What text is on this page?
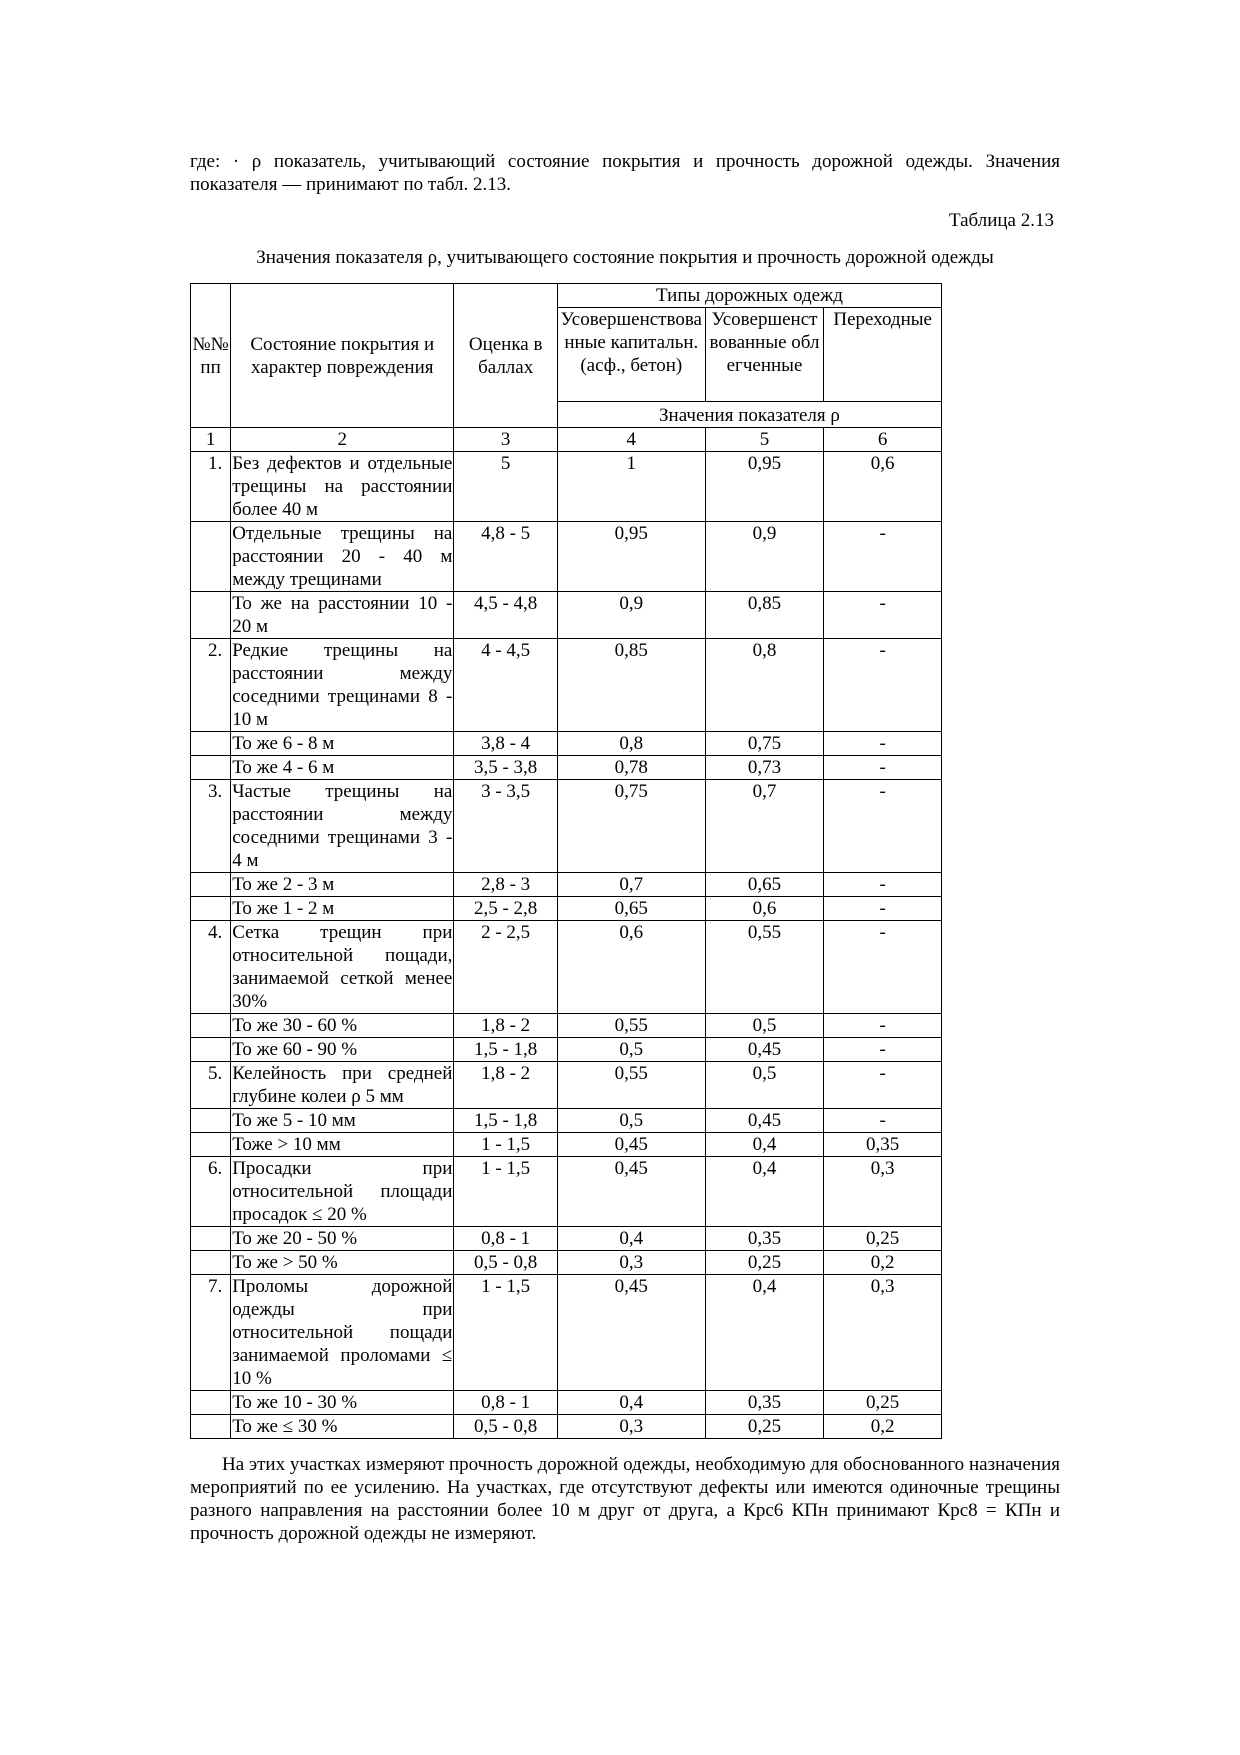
где: · ρ показатель, учитывающий состояние покрытия и прочность дорожной одежды. Значения показателя — принимают по табл. 2.13.

Таблица 2.13
Значения показателя ρ, учитывающего состояние покрытия и прочность дорожной одежды
№№ пп	Состояние покрытия и характер повреждения	Оценка в баллах	Типы дорожных одежд		
			Усовершенствованные капитальн. (асф., бетон)	Усовершенствованные облегченные	Переходные
			Значения показателя ρ		
1	2	3	4	5	6
1.	Без дефектов и отдельные трещины на расстоянии более 40 м	5	1	0,95	0,6
	Отдельные трещины на расстоянии 20 - 40 м между трещинами	4,8 - 5	0,95	0,9	-
	То же на расстоянии 10 - 20 м	4,5 - 4,8	0,9	0,85	-
2.	Редкие трещины на расстоянии между соседними трещинами 8 - 10 м	4 - 4,5	0,85	0,8	-
	То же 6 - 8 м	3,8 - 4	0,8	0,75	-
	То же 4 - 6 м	3,5 - 3,8	0,78	0,73	-
3.	Частые трещины на расстоянии между соседними трещинами 3 - 4 м	3 - 3,5	0,75	0,7	-
	То же 2 - 3 м	2,8 - 3	0,7	0,65	-
	То же 1 - 2 м	2,5 - 2,8	0,65	0,6	-
4.	Сетка трещин при относительной пощади, занимаемой сеткой менее 30%	2 - 2,5	0,6	0,55	-
	То же 30 - 60 %	1,8 - 2	0,55	0,5	-
	То же 60 - 90 %	1,5 - 1,8	0,5	0,45	-
5.	Келейность при средней глубине колеи ρ 5 мм	1,8 - 2	0,55	0,5	-
	То же 5 - 10 мм	1,5 - 1,8	0,5	0,45	-
	Тоже > 10 мм	1 - 1,5	0,45	0,4	0,35
6.	Просадки при относительной площади просадок ≤ 20 %	1 - 1,5	0,45	0,4	0,3
	То же 20 - 50 %	0,8 - 1	0,4	0,35	0,25
	То же > 50 %	0,5 - 0,8	0,3	0,25	0,2
7.	Проломы дорожной одежды при относительной пощади занимаемой проломами ≤ 10 %	1 - 1,5	0,45	0,4	0,3
	То же 10 - 30 %	0,8 - 1	0,4	0,35	0,25
	То же ≤ 30 %	0,5 - 0,8	0,3	0,25	0,2
На этих участках измеряют прочность дорожной одежды, необходимую для обоснованного назначения мероприятий по ее усилению. На участках, где отсутствуют дефекты или имеются одиночные трещины разного направления на расстоянии более 10 м друг от друга, а Крс6 КПн принимают Крс8 = КПн и прочность дорожной одежды не измеряют.
